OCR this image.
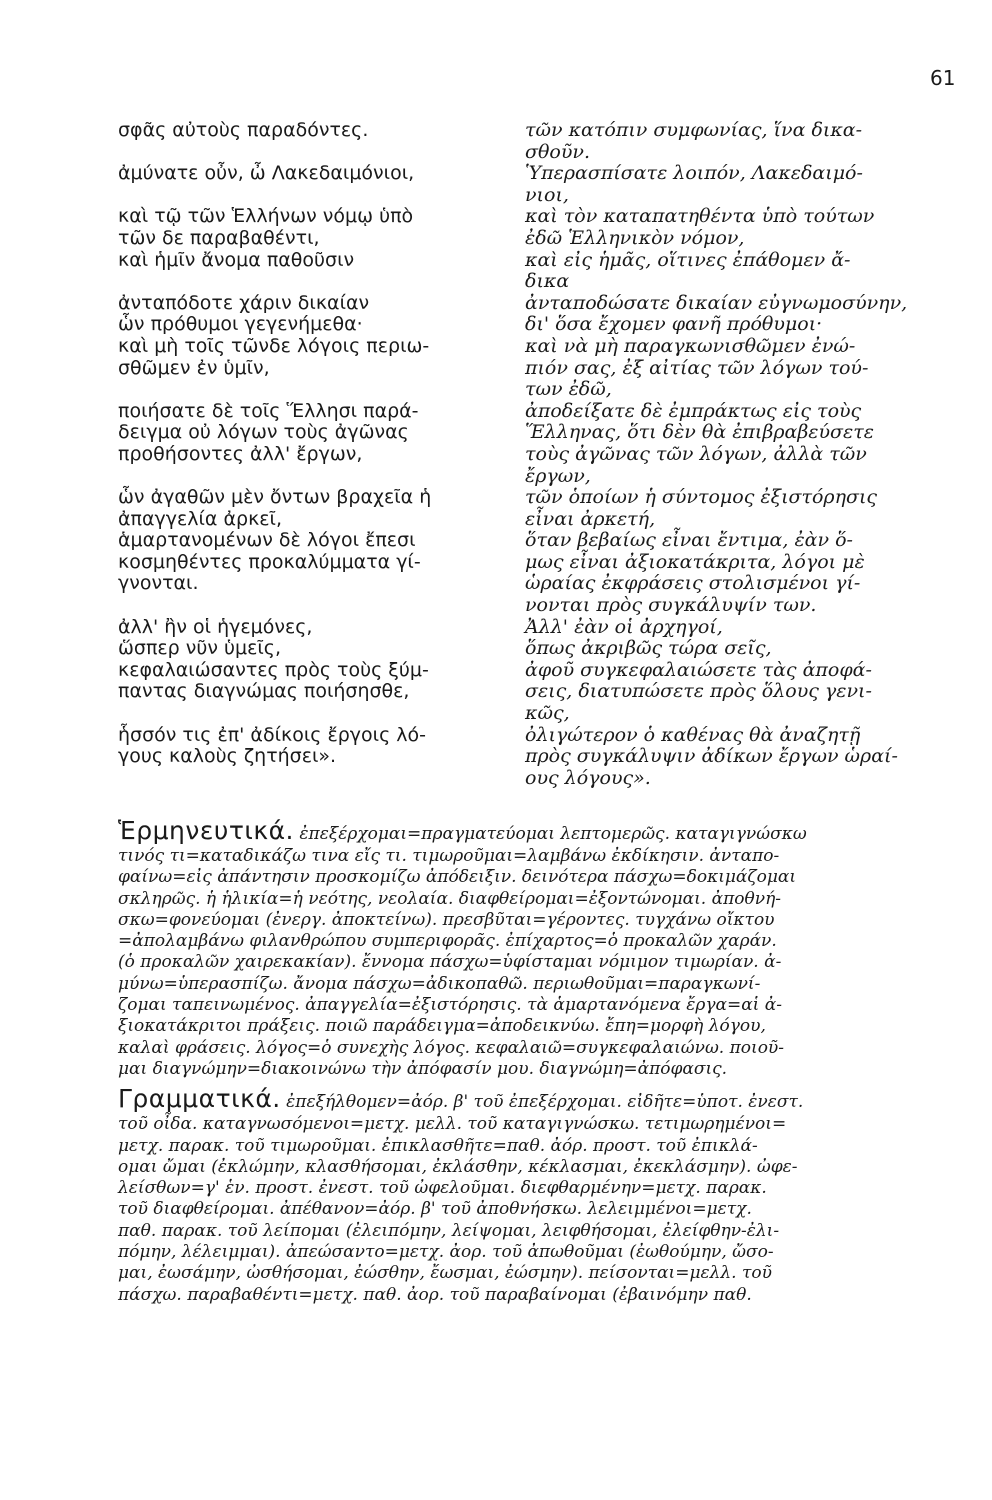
61
σφᾶς αὐτοὺς παραδόντες.
ἀμύνατε οὖν, ὦ Λακεδαιμόνιοι,
καὶ τῷ τῶν Ἑλλήνων νόμῳ ὑπὸ
τῶν δε παραβαθέντι,
καὶ ἡμῖν ἄνομα παθοῦσιν
ἀνταπόδοτε χάριν δικαίαν
ὧν πρόθυμοι γεγενήμεθα·
καὶ μὴ τοῖς τῶνδε λόγοις περιω-
σθῶμεν ἐν ὑμῖν,
ποιήσατε δὲ τοῖς Ἕλλησι παρά-
δειγμα οὐ λόγων τοὺς ἀγῶνας
προθήσοντες ἀλλ' ἔργων,
ὧν ἀγαθῶν μὲν ὄντων βραχεῖα ἡ
ἀπαγγελία ἀρκεῖ,
ἁμαρτανομένων δὲ λόγοι ἔπεσι
κοσμηθέντες προκαλύμματα γί-
γνονται.
ἀλλ' ἢν οἱ ἡγεμόνες,
ὥσπερ νῦν ὑμεῖς,
κεφαλαιώσαντες πρὸς τοὺς ξύμ-
παντας διαγνώμας ποιήσησθε,
ἧσσόν τις ἐπ' ἀδίκοις ἔργοις λό-
γους καλοὺς ζητήσει».
τῶν κατόπιν συμφωνίας, ἵνα δικα-
σθοῦν.
Ὑπερασπίσατε λοιπόν, Λακεδαιμό-
νιοι,
καὶ τὸν καταπατηθέντα ὑπὸ τούτων
ἐδῶ Ἑλληνικὸν νόμον,
καὶ εἰς ἡμᾶς, οἵτινες ἐπάθομεν ἄ-
δικα
ἀνταποδώσατε δικαίαν εὐγνωμοσύνην,
δι' ὅσα ἔχομεν φανῆ πρόθυμοι·
καὶ νὰ μὴ παραγκωνισθῶμεν ἐνώ-
πιόν σας, ἐξ αἰτίας τῶν λόγων τού-
των ἐδῶ,
ἀποδείξατε δὲ ἐμπράκτως εἰς τοὺς
Ἕλληνας, ὅτι δὲν θὰ ἐπιβραβεύσετε
τοὺς ἀγῶνας τῶν λόγων, ἀλλὰ τῶν
ἔργων,
τῶν ὁποίων ἡ σύντομος ἐξιστόρησις
εἶναι ἀρκετή,
ὅταν βεβαίως εἶναι ἔντιμα, ἐὰν ὅ-
μως εἶναι ἀξιοκατάκριτα, λόγοι μὲ
ὡραίας ἐκφράσεις στολισμένοι γί-
νονται πρὸς συγκάλυψίν των.
Ἀλλ' ἐὰν οἱ ἀρχηγοί,
ὅπως ἀκριβῶς τώρα σεῖς,
ἀφοῦ συγκεφαλαιώσετε τὰς ἀποφά-
σεις, διατυπώσετε πρὸς ὅλους γενι-
κῶς,
ὀλιγώτερον ὁ καθένας θὰ ἀναζητῇ
πρὸς συγκάλυψιν ἀδίκων ἔργων ὡραί-
ους λόγους».
Ἑρμηνευτικά. ἐπεξέρχομαι=πραγματεύομαι λεπτομερῶς. καταγιγνώσκω
τινός τι=καταδικάζω τινα εἴς τι. τιμωροῦμαι=λαμβάνω ἐκδίκησιν. ἀνταπο-
φαίνω=εἰς ἀπάντησιν προσκομίζω ἀπόδειξιν. δεινότερα πάσχω=δοκιμάζομαι
σκληρῶς. ἡ ἡλικία=ἡ νεότης, νεολαία. διαφθείρομαι=ἐξοντώνομαι. ἀποθνή-
σκω=φονεύομαι (ἐνεργ. ἀποκτείνω). πρεσβῦται=γέροντες. τυγχάνω οἴκτου
=ἀπολαμβάνω φιλανθρώπου συμπεριφορᾶς. ἐπίχαρτος=ὁ προκαλῶν χαράν.
(ὁ προκαλῶν χαιρεκακίαν). ἔννομα πάσχω=ὑφίσταμαι νόμιμον τιμωρίαν. ἀ-
μύνω=ὑπερασπίζω. ἄνομα πάσχω=ἀδικοπαθῶ. περιωθοῦμαι=παραγκωνί-
ζομαι ταπεινωμένος. ἀπαγγελία=ἐξιστόρησις. τὰ ἁμαρτανόμενα ἔργα=αἱ ἀ-
ξιοκατάκριτοι πράξεις. ποιῶ παράδειγμα=ἀποδεικνύω. ἔπη=μορφὴ λόγου,
καλαὶ φράσεις. λόγος=ὁ συνεχὴς λόγος. κεφαλαιῶ=συγκεφαλαιώνω. ποιοῦ-
μαι διαγνώμην=διακοινώνω τὴν ἀπόφασίν μου. διαγνώμη=ἀπόφασις.
Γραμματικά. ἐπεξήλθομεν=ἀόρ. β' τοῦ ἐπεξέρχομαι. εἰδῆτε=ὑποτ. ἐνεστ.
τοῦ οἶδα. καταγνωσόμενοι=μετχ. μελλ. τοῦ καταγιγνώσκω. τετιμωρημένοι=
μετχ. παρακ. τοῦ τιμωροῦμαι. ἐπικλασθῆτε=παθ. ἀόρ. προστ. τοῦ ἐπικλά-
ομαι ὤμαι (ἐκλώμην, κλασθήσομαι, ἐκλάσθην, κέκλασμαι, ἐκεκλάσμην). ὠφε-
λείσθων=γ' ἑν. προστ. ἐνεστ. τοῦ ὠφελοῦμαι. διεφθαρμένην=μετχ. παρακ.
τοῦ διαφθείρομαι. ἀπέθανον=ἀόρ. β' τοῦ ἀποθνήσκω. λελειμμένοι=μετχ.
παθ. παρακ. τοῦ λείπομαι (ἐλειπόμην, λείψομαι, λειφθήσομαι, ἐλείφθην-ἐλι-
πόμην, λέλειμμαι). ἀπεώσαντο=μετχ. ἀορ. τοῦ ἀπωθοῦμαι (ἐωθούμην, ὤσο-
μαι, ἐωσάμην, ὠσθήσομαι, ἐώσθην, ἔωσμαι, ἐώσμην). πείσονται=μελλ. τοῦ
πάσχω. παραβαθέντι=μετχ. παθ. ἀορ. τοῦ παραβαίνομαι (ἐβαινόμην παθ.
